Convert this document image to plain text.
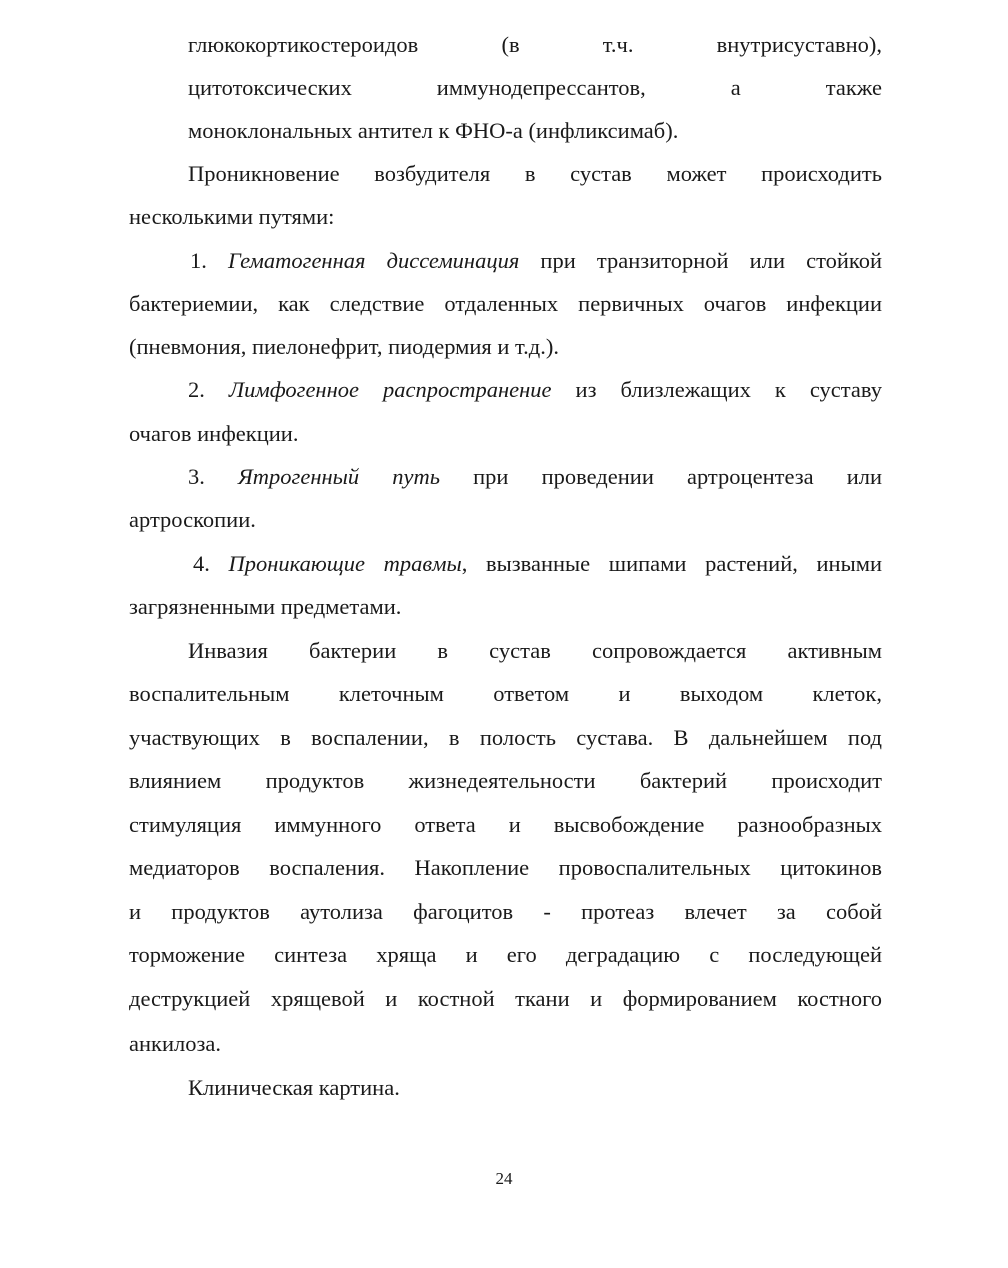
глюкокортикостероидов (в т.ч. внутрисуставно),
цитотоксических иммунодепрессантов, а также
моноклональных антител к ФНО-а (инфликсимаб).
Проникновение возбудителя в сустав может происходить
несколькими путями:
1. Гематогенная диссеминация при транзиторной или стойкой
бактериемии, как следствие отдаленных первичных очагов инфекции
(пневмония, пиелонефрит, пиодермия и т.д.).
2. Лимфогенное распространение из близлежащих к суставу
очагов инфекции.
3. Ятрогенный путь при проведении артроцентеза или
артроскопии.
4. Проникающие травмы, вызванные шипами растений, иными
загрязненными предметами.
Инвазия бактерии в сустав сопровождается активным
воспалительным клеточным ответом и выходом клеток,
участвующих в воспалении, в полость сустава. В дальнейшем под
влиянием продуктов жизнедеятельности бактерий происходит
стимуляция иммунного ответа и высвобождение разнообразных
медиаторов воспаления. Накопление провоспалительных цитокинов
и продуктов аутолиза фагоцитов - протеаз влечет за собой
торможение синтеза хряща и его деградацию с последующей
деструкцией хрящевой и костной ткани и формированием костного
анкилоза.
Клиническая картина.
24
